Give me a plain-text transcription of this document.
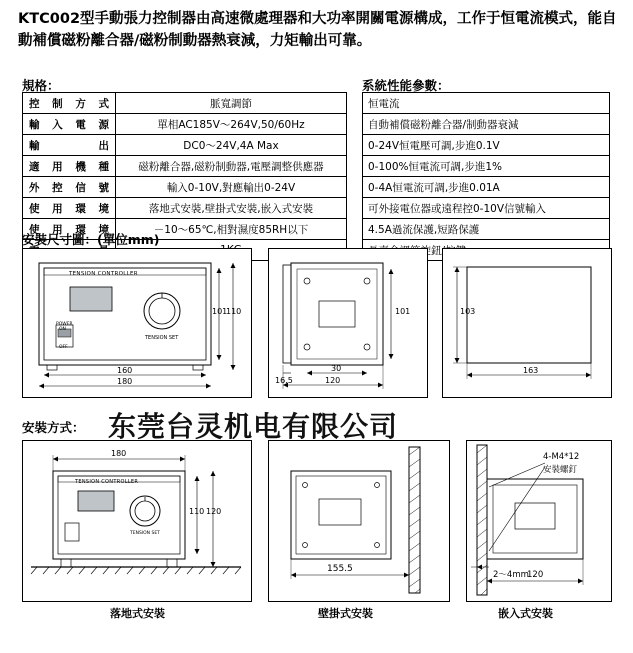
KTC002型手動張力控制器由高速微處理器和大功率開關電源構成，工作于恒電流模式，能自動補償磁粉離合器/磁粉制動器熱衰減，力矩輸出可靠。
規格：	系統性能參數：
安裝尺寸圖：(單位mm)
安裝方式：
控制方式	脈寬調節
輸入電源	單相AC185V～264V,50/60Hz
輸　　出	DC0～24V,4A Max
適用機種	磁粉離合器,磁粉制動器,電壓調整供應器
外控信號	輸入0-10V,對應輸出0-24V
使用環境	落地式安裝,壁掛式安裝,嵌入式安裝
使用環境	－10～65℃,相對濕度85RH以下

恒電流
自動補償磁粉離合器/制動器衰減
0-24V恒電壓可調,步進0.1V
0-100%恒電流可調,步進1%
0-4A恒電流可調,步進0.01A
可外接電位器或遠程控0-10V信號輸入
4.5A過流保護,短路保護

TENSION CONTROLLER
TENSION SET
POWER
ON
OFF
160
180
101
110	101
30
120
16.5
103
163
TENSION CONTROLLER
TENSION SET
180
110 120
落地式安裝
155.5
壁掛式安裝
4-M4*12
安裝螺釘
2～4mm
120
嵌入式安裝
东莞台灵机电有限公司
